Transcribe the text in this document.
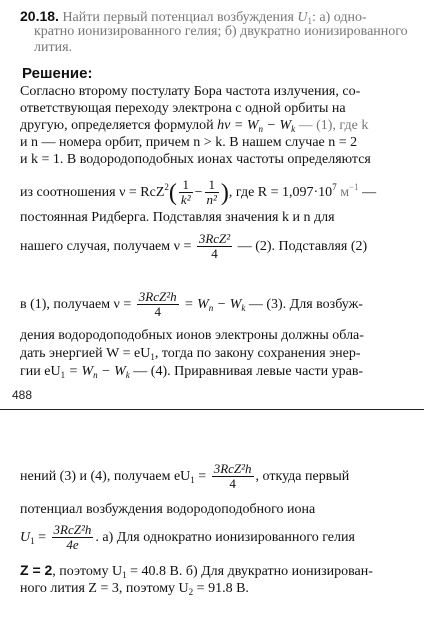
20.18. Найти первый потенциал возбуждения $U_1$: а) одно-
кратно ионизированного гелия; б) двукратно ионизированного
лития.
Решение:
Согласно второму постулату Бора частота излучения, со-
ответствующая переходу электрона с одной орбиты на
другую, определяется формулой $h\nu = W_n - W_k$ — (1), где k
и n — номера орбит, причем n > k. В нашем случае n = 2
и k = 1. В водородоподобных ионах частоты определяются
из соотношения $\nu = RcZ^2( \frac{1}{\text{k²}} - \frac{1}{\text{n²}}$ ), где $R = 1,097\cdot 10^7$ $м^{-1}$ —
постоянная Ридберга. Подставляя значения k и n для
нашего случая, получаем $\nu = \frac{\text{3RcZ²}}{4}$ — (2). Подставляя (2)
в (1), получаем $\nu = \frac{\text{3RcZ²h}}{4} = W_n - W_k$ — (3). Для возбуж-
дения водородоподобных ионов электроны должны обла-
дать энергией $W = eU_1$, тогда по закону сохранения энер-
гии $eU_1 = W_n - W_k$ — (4). Приравнивая левые части урав-
488
нений (3) и (4), получаем $eU_1 = \frac{\text{3RcZ²h}}{4}$ , откуда первый
потенциал возбуждения водородоподобного иона
$U_1 = \frac{\text{3RcZ²h}}{4e}$ . а) Для однократно ионизированного гелия
Z = 2, поэтому $U_1 = 40.8$ В. б) Для двукратно ионизирован-
ного лития Z = 3, поэтому $U_2 = 91.8$ В.
